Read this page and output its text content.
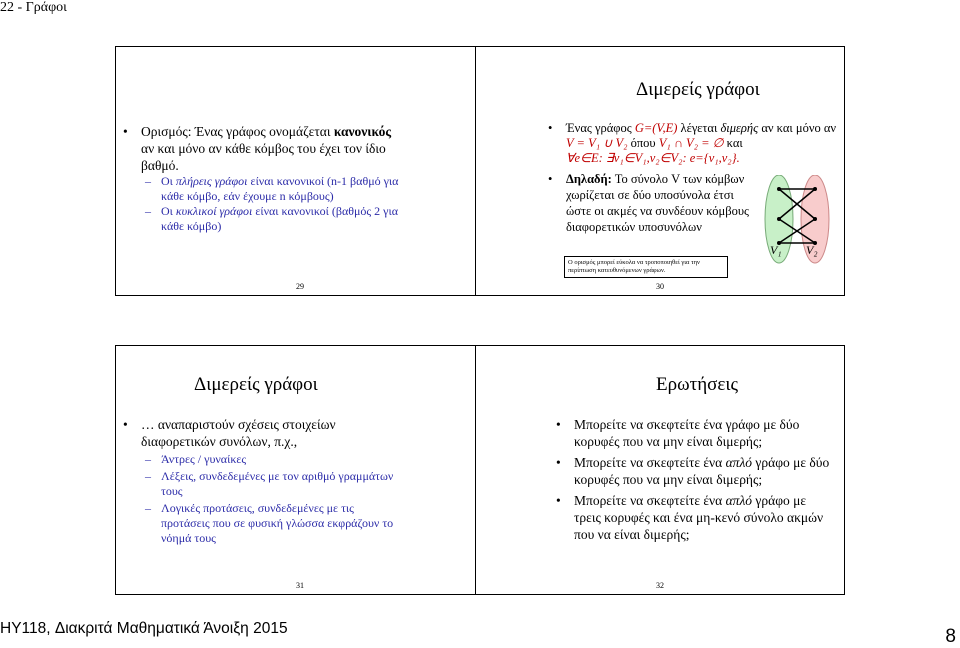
22 - Γράφοι
• Ορισμός: Ένας γράφος ονομάζεται κανονικός αν και μόνο αν κάθε κόμβος του έχει τον ίδιο βαθμό.
– Οι πλήρεις γράφοι είναι κανονικοί (n-1 βαθμό για κάθε κόμβο, εάν έχουμε n κόμβους)
– Οι κυκλικοί γράφοι είναι κανονικοί (βαθμός 2 για κάθε κόμβο)
29
Διμερείς γράφοι
• Ένας γράφος G=(V,E) λέγεται διμερής αν και μόνο αν V = V₁ ∪ V₂ όπου V₁ ∩ V₂ = ∅ και
∀e∈E: ∃v₁∈V₁,v₂∈V₂: e={v₁,v₂}.
• Δηλαδή: Το σύνολο V των κόμβων χωρίζεται σε δύο υποσύνολα έτσι ώστε οι ακμές να συνδέουν κόμβους διαφορετικών υποσυνόλων
Ο ορισμός μπορεί εύκολα να τροποποιηθεί για την περίπτωση κατευθυνόμενων γράφων.
V₁ V₂
30
Διμερείς γράφοι
• … αναπαριστούν σχέσεις στοιχείων διαφορετικών συνόλων, π.χ.,
– Άντρες / γυναίκες
– Λέξεις, συνδεδεμένες με τον αριθμό γραμμάτων τους
– Λογικές προτάσεις, συνδεδεμένες με τις προτάσεις που σε φυσική γλώσσα εκφράζουν το νόημά τους
31
Ερωτήσεις
• Μπορείτε να σκεφτείτε ένα γράφο με δύο κορυφές που να μην είναι διμερής;
• Μπορείτε να σκεφτείτε ένα απλό γράφο με δύο κορυφές που να μην είναι διμερής;
• Μπορείτε να σκεφτείτε ένα απλό γράφο με τρεις κορυφές και ένα μη-κενό σύνολο ακμών που να είναι διμερής;
32
HY118, Διακριτά Μαθηματικά Άνοιξη 2015	8
